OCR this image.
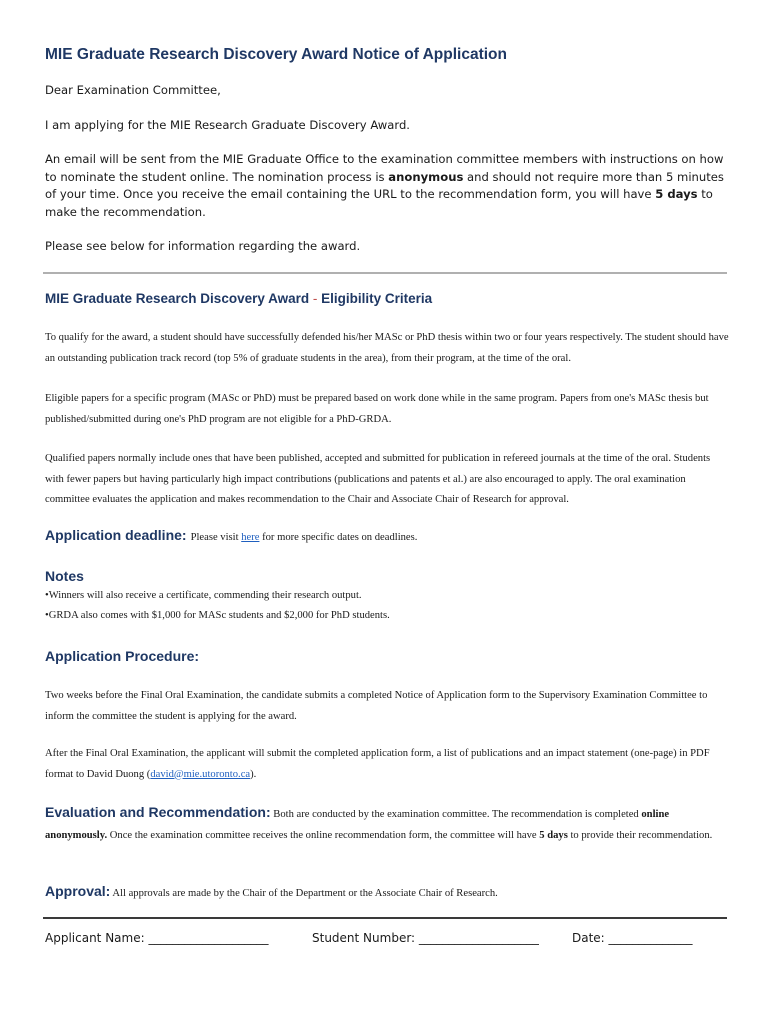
MIE Graduate Research Discovery Award Notice of Application
Dear Examination Committee,
I am applying for the MIE Research Graduate Discovery Award.
An email will be sent from the MIE Graduate Office to the examination committee members with instructions on how to nominate the student online. The nomination process is anonymous and should not require more than 5 minutes of your time. Once you receive the email containing the URL to the recommendation form, you will have 5 days to make the recommendation.
Please see below for information regarding the award.
MIE Graduate Research Discovery Award - Eligibility Criteria
To qualify for the award, a student should have successfully defended his/her MASc or PhD thesis within two or four years respectively. The student should have an outstanding publication track record (top 5% of graduate students in the area), from their program, at the time of the oral.
Eligible papers for a specific program (MASc or PhD) must be prepared based on work done while in the same program. Papers from one's MASc thesis but published/submitted during one's PhD program are not eligible for a PhD-GRDA.
Qualified papers normally include ones that have been published, accepted and submitted for publication in refereed journals at the time of the oral. Students with fewer papers but having particularly high impact contributions (publications and patents et al.) are also encouraged to apply. The oral examination committee evaluates the application and makes recommendation to the Chair and Associate Chair of Research for approval.
Application deadline: Please visit here for more specific dates on deadlines.
Notes
•Winners will also receive a certificate, commending their research output.
•GRDA also comes with $1,000 for MASc students and $2,000 for PhD students.
Application Procedure:
Two weeks before the Final Oral Examination, the candidate submits a completed Notice of Application form to the Supervisory Examination Committee to inform the committee the student is applying for the award.
After the Final Oral Examination, the applicant will submit the completed application form, a list of publications and an impact statement (one-page) in PDF format to David Duong (david@mie.utoronto.ca).
Evaluation and Recommendation: Both are conducted by the examination committee. The recommendation is completed online anonymously. Once the examination committee receives the online recommendation form, the committee will have 5 days to provide their recommendation.
Approval: All approvals are made by the Chair of the Department or the Associate Chair of Research.
Applicant Name: ____________________	Student Number: ____________________	Date: ______________
